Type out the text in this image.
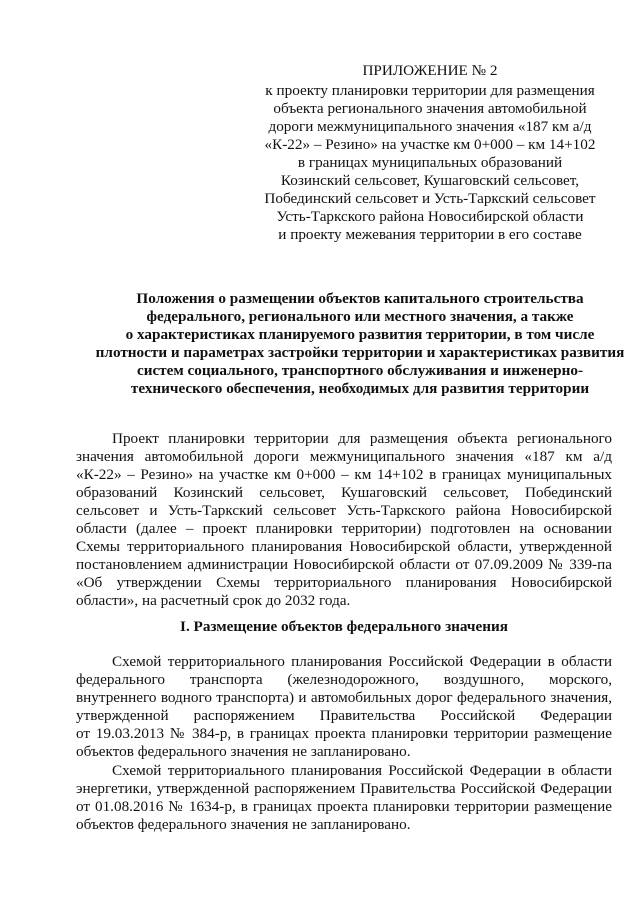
ПРИЛОЖЕНИЕ № 2
к проекту планировки территории для размещения
объекта регионального значения автомобильной
дороги межмуниципального значения «187 км а/д
«К-22» – Резино» на участке км 0+000 – км 14+102
в границах муниципальных образований
Козинский сельсовет, Кушаговский сельсовет,
Побединский сельсовет и Усть-Таркский сельсовет
Усть-Таркского района Новосибирской области
и проекту межевания территории в его составе
Положения о размещении объектов капитального строительства
федерального, регионального или местного значения, а также
о характеристиках планируемого развития территории, в том числе
плотности и параметрах застройки территории и характеристиках развития
систем социального, транспортного обслуживания и инженерно-
технического обеспечения, необходимых для развития территории
Проект планировки территории для размещения объекта регионального
значения автомобильной дороги межмуниципального значения «187 км а/д
«К-22» – Резино» на участке км 0+000 – км 14+102 в границах муниципальных
образований Козинский сельсовет, Кушаговский сельсовет, Побединский
сельсовет и Усть-Таркский сельсовет Усть-Таркского района Новосибирской
области (далее – проект планировки территории) подготовлен на основании
Схемы территориального планирования Новосибирской области, утвержденной
постановлением администрации Новосибирской области от 07.09.2009 № 339-па
«Об утверждении Схемы территориального планирования Новосибирской
области», на расчетный срок до 2032 года.
I. Размещение объектов федерального значения
Схемой территориального планирования Российской Федерации в области
федерального транспорта (железнодорожного, воздушного, морского,
внутреннего водного транспорта) и автомобильных дорог федерального значения,
утвержденной распоряжением Правительства Российской Федерации
от 19.03.2013 № 384-р, в границах проекта планировки территории размещение
объектов федерального значения не запланировано.
Схемой территориального планирования Российской Федерации в области
энергетики, утвержденной распоряжением Правительства Российской Федерации
от 01.08.2016 № 1634-р, в границах проекта планировки территории размещение
объектов федерального значения не запланировано.
